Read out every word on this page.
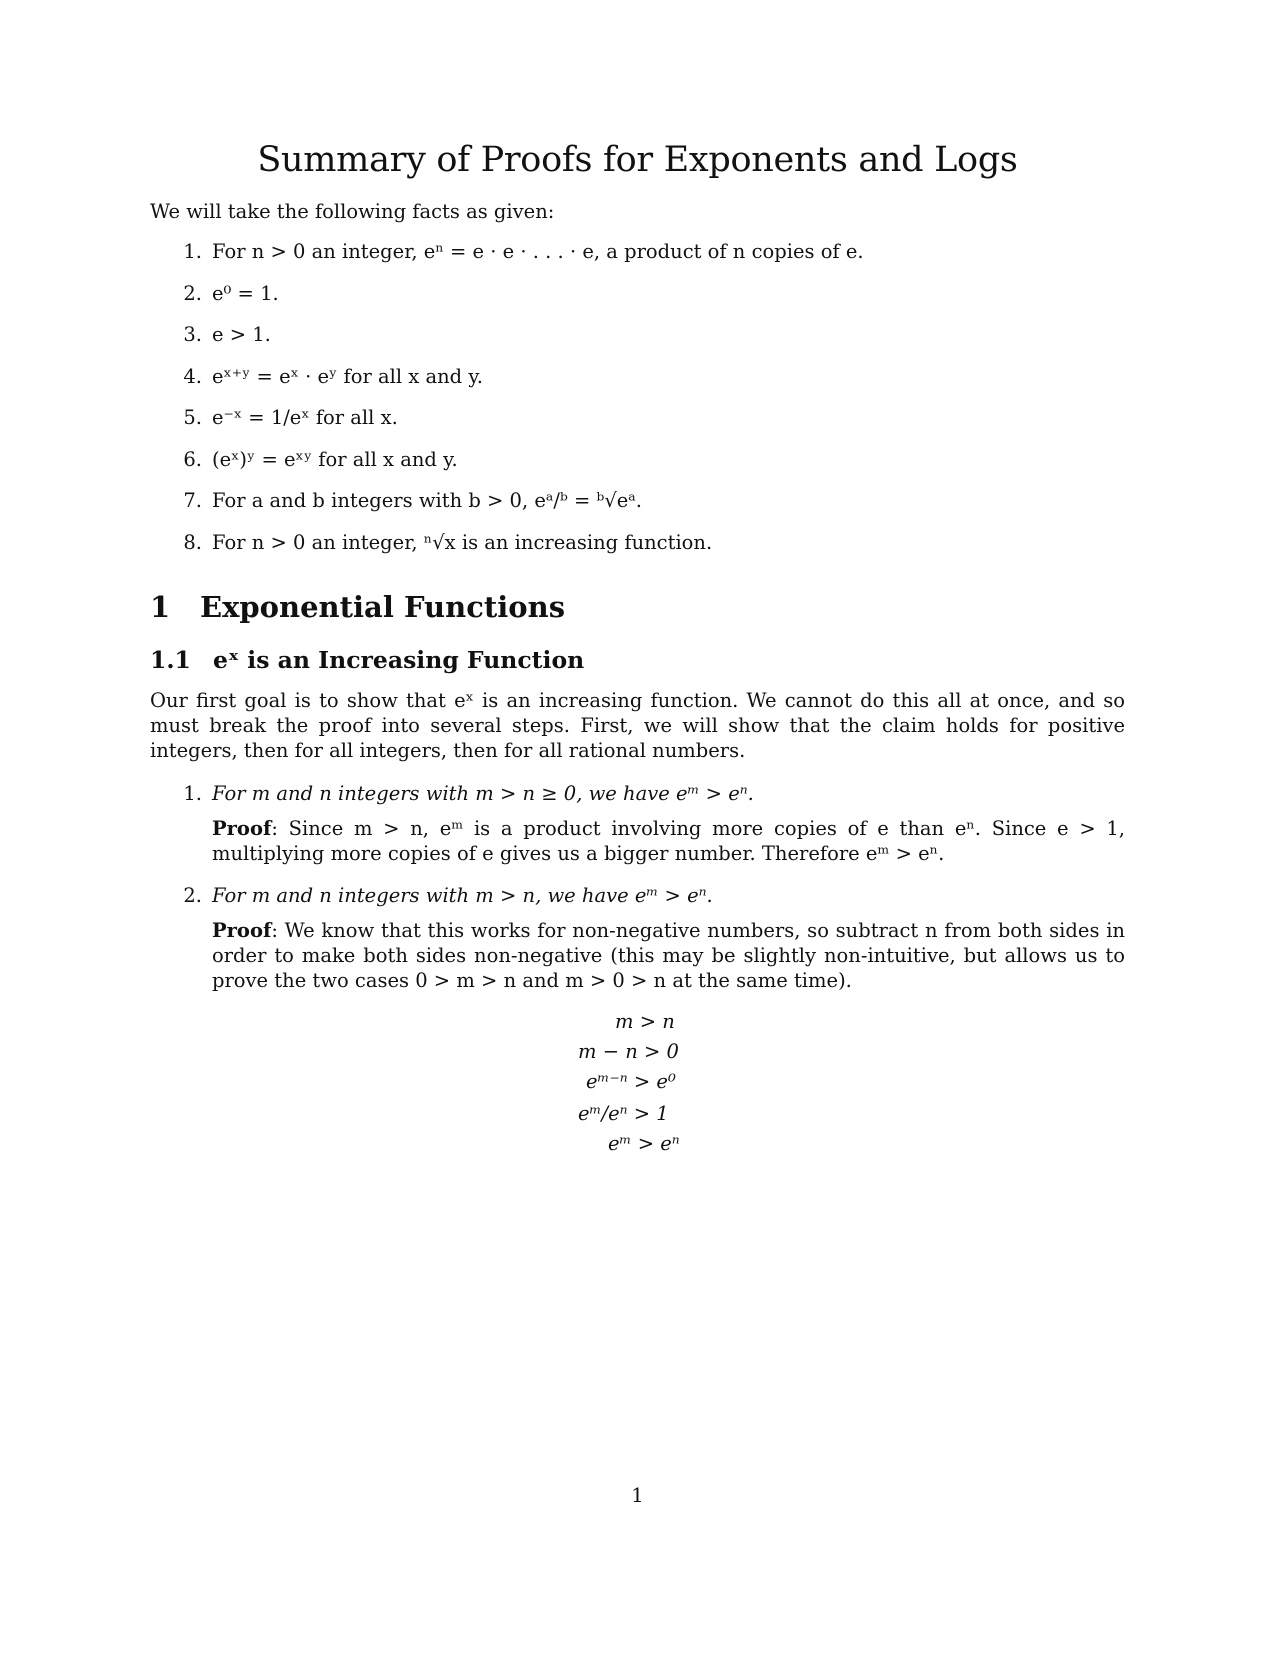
Summary of Proofs for Exponents and Logs

We will take the following facts as given:

1. For n > 0 an integer, eⁿ = e · e · . . . · e, a product of n copies of e.
2. e⁰ = 1.
3. e > 1.
4. eˣ⁺ʸ = eˣ · eʸ for all x and y.
5. e⁻ˣ = 1/eˣ for all x.
6. (eˣ)ʸ = eˣʸ for all x and y.
7. For a and b integers with b > 0, eᵃ/ᵇ = ᵇ√eᵃ.
8. For n > 0 an integer, ⁿ√x is an increasing function.
1 Exponential Functions
1.1 eˣ is an Increasing Function

Our first goal is to show that eˣ is an increasing function. We cannot do this all at once, and so must break the proof into several steps. First, we will show that the claim holds for positive integers, then for all integers, then for all rational numbers.

1. For m and n integers with m > n ≥ 0, we have eᵐ > eⁿ.
Proof: Since m > n, eᵐ is a product involving more copies of e than eⁿ. Since e > 1, multiplying more copies of e gives us a bigger number. Therefore eᵐ > eⁿ.
2. For m and n integers with m > n, we have eᵐ > eⁿ.
Proof: We know that this works for non-negative numbers, so subtract n from both sides in order to make both sides non-negative (this may be slightly non-intuitive, but allows us to prove the two cases 0 > m > n and m > 0 > n at the same time).
m > n
m − n > 0
eᵐ⁻ⁿ > e⁰
eᵐ/eⁿ > 1
eᵐ > eⁿ
1
